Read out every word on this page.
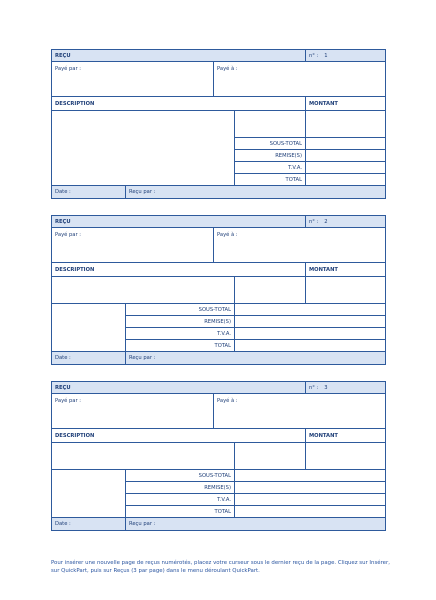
REÇU				n° : 1
Payé par :		Payé à :		
DESCRIPTION				MONTANT

			SOUS-TOTAL	
			REMISE(S)	
			T.V.A.	
			TOTAL	
Date :	Reçu par :			
REÇU				n° : 2
Payé par :		Payé à :		
DESCRIPTION				MONTANT

	SOUS-TOTAL			
	REMISE(S)			
	T.V.A.			
	TOTAL			
Date :	Reçu par :			
REÇU				n° : 3
Payé par :		Payé à :		
DESCRIPTION				MONTANT

	SOUS-TOTAL			
	REMISE(S)			
	T.V.A.			
	TOTAL			
Date :	Reçu par :			

Pour insérer une nouvelle page de reçus numérotés, placez votre curseur sous le dernier reçu de la page. Cliquez sur Insérer, sur QuickPart, puis sur Reçus (3 par page) dans le menu déroulant QuickPart.
